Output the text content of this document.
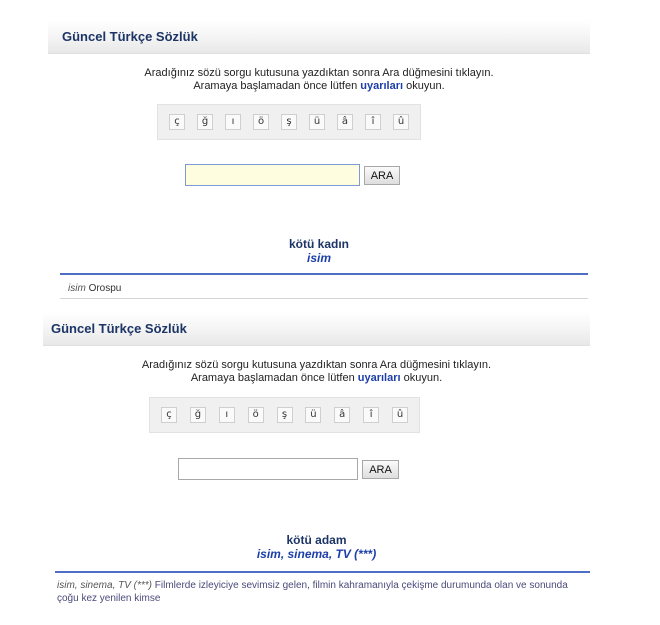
Güncel Türkçe Sözlük
Aradığınız sözü sorgu kutusuna yazdıktan sonra Ara düğmesini tıklayın.
Aramaya başlamadan önce lütfen uyarıları okuyun.
ç	ğ	ı	ö	ş	ü	â	î	û
ARA
kötü kadın
isim
isim Orospu
Güncel Türkçe Sözlük
Aradığınız sözü sorgu kutusuna yazdıktan sonra Ara düğmesini tıklayın.
Aramaya başlamadan önce lütfen uyarıları okuyun.
ç	ğ	ı	ö	ş	ü	â	î	û
ARA
kötü adam
isim, sinema, TV (***)
isim, sinema, TV (***) Filmlerde izleyiciye sevimsiz gelen, filmin kahramanıyla çekişme durumunda olan ve sonunda çoğu kez yenilen kimse
